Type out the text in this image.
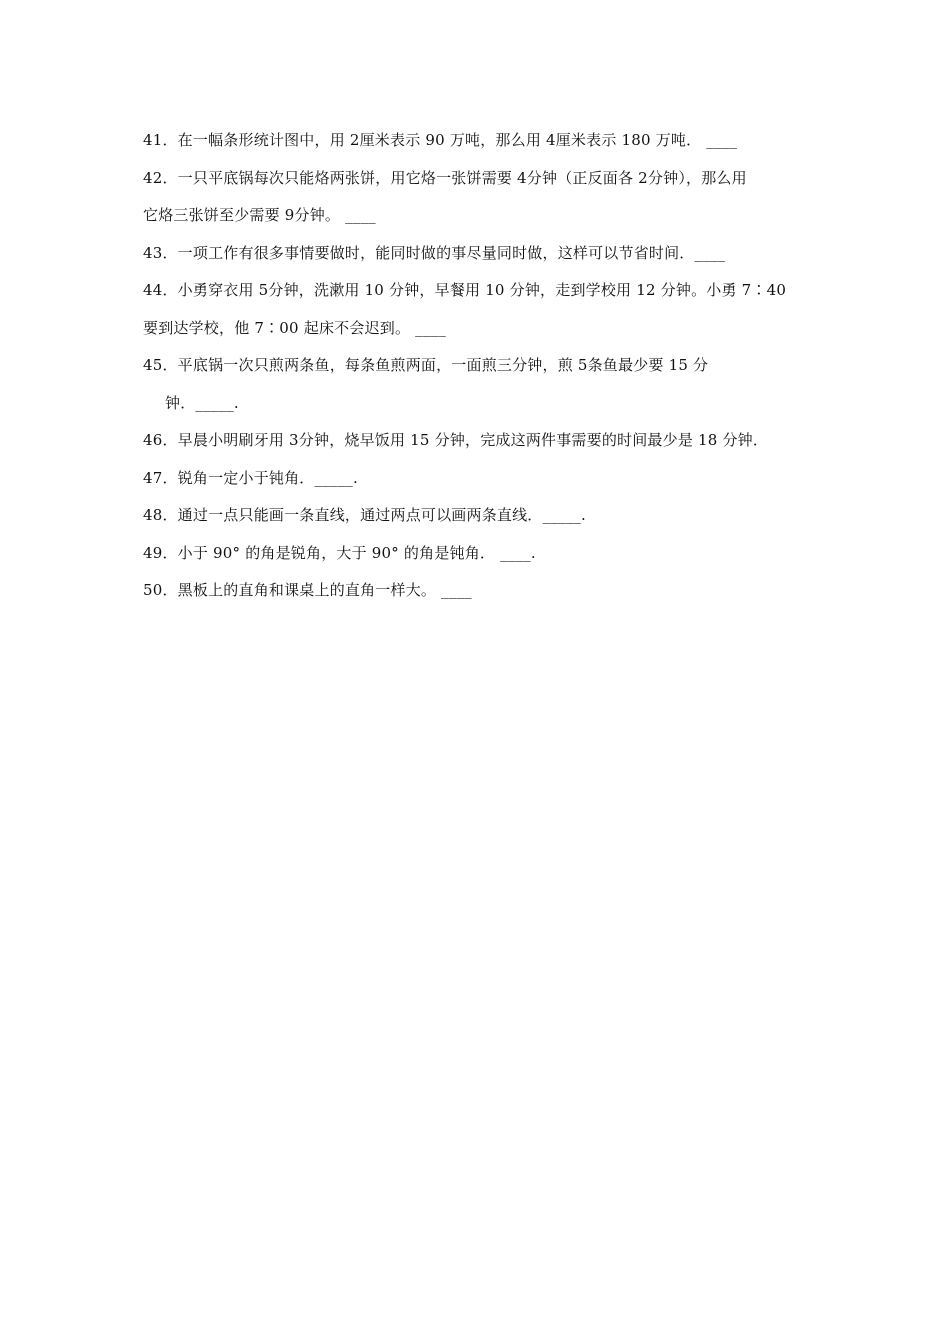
41．在一幅条形统计图中，用 2厘米表示 90 万吨，那么用 4厘米表示 180 万吨． ____
42．一只平底锅每次只能烙两张饼，用它烙一张饼需要 4分钟（正反面各 2分钟），那么用
它烙三张饼至少需要 9分钟。 ____
43．一项工作有很多事情要做时，能同时做的事尽量同时做，这样可以节省时间．____
44．小勇穿衣用 5分钟，洗漱用 10 分钟，早餐用 10 分钟，走到学校用 12 分钟。小勇 7∶40
要到达学校，他 7∶00 起床不会迟到。 ____
45．平底锅一次只煎两条鱼，每条鱼煎两面，一面煎三分钟，煎 5条鱼最少要 15 分
钟．_____.
46．早晨小明刷牙用 3分钟，烧早饭用 15 分钟，完成这两件事需要的时间最少是 18 分钟．
47．锐角一定小于钝角．_____.
48．通过一点只能画一条直线，通过两点可以画两条直线．_____.
49．小于 90° 的角是锐角，大于 90° 的角是钝角． ____.
50．黑板上的直角和课桌上的直角一样大。 ____
